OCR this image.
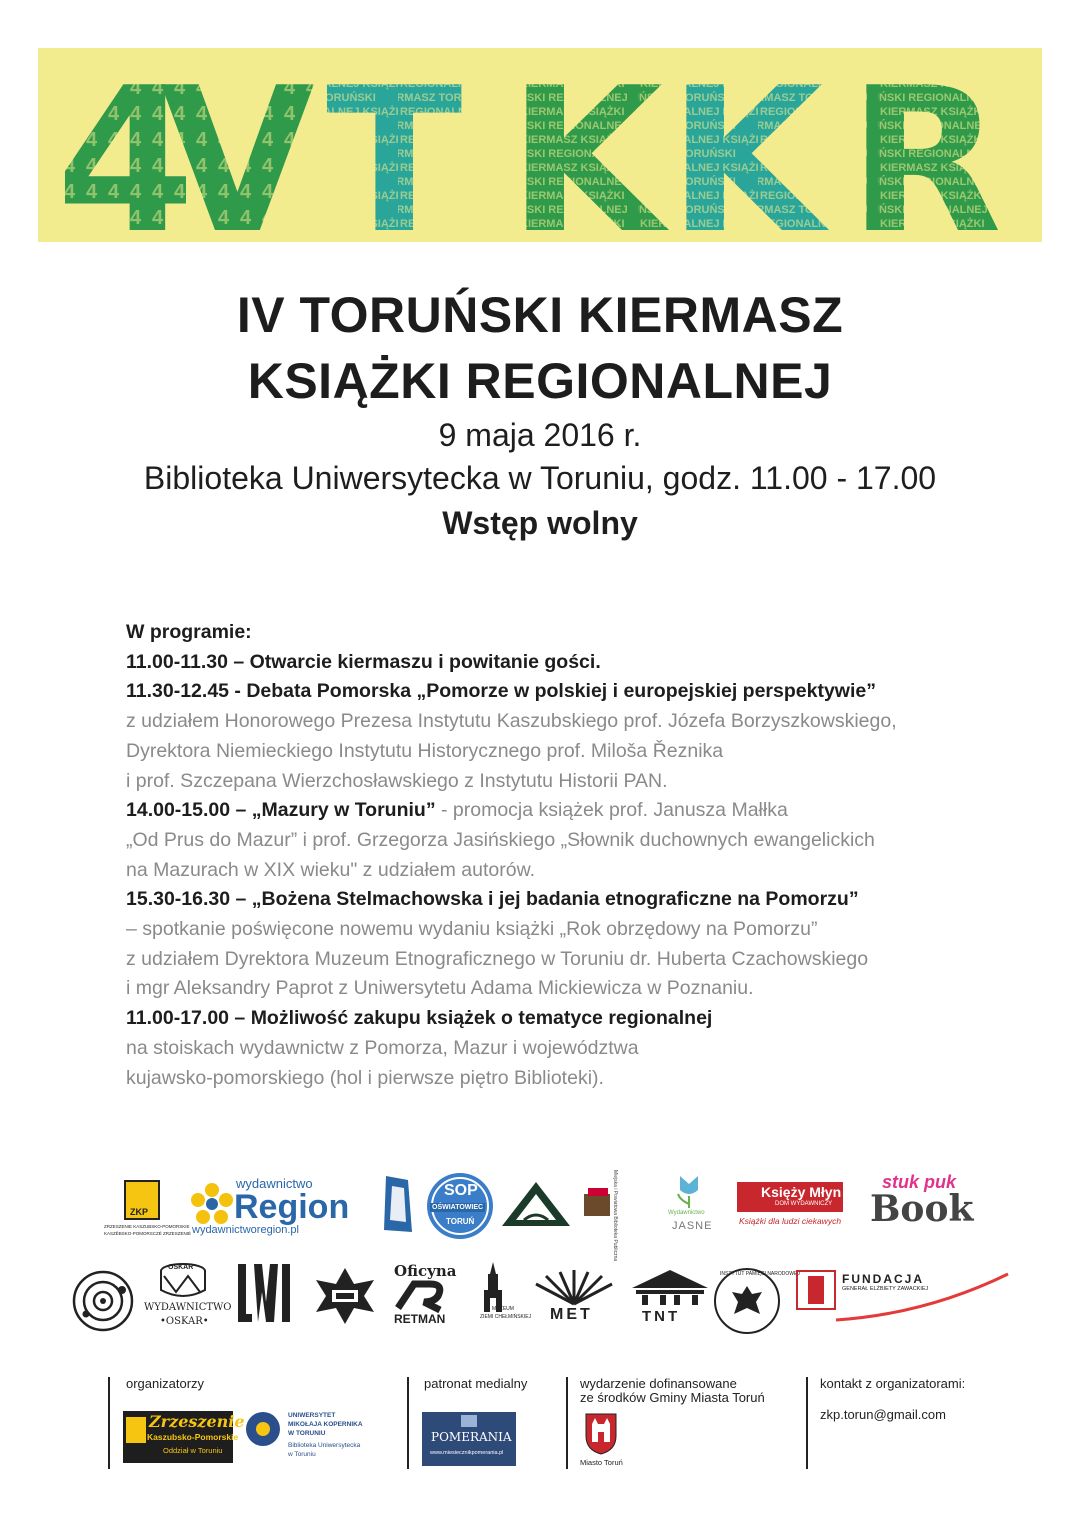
4
V T K K R
IV TORUŃSKI KIERMASZ
KSIĄŻKI REGIONALNEJ
9 maja 2016 r.
Biblioteka Uniwersytecka w Toruniu, godz. 11.00 - 17.00
Wstęp wolny

W programie:

11.00-11.30 – Otwarcie kiermaszu i powitanie gości.

11.30-12.45 - Debata Pomorska „Pomorze w polskiej i europejskiej perspektywie”

z udziałem Honorowego Prezesa Instytutu Kaszubskiego prof. Józefa Borzyszkowskiego,

Dyrektora Niemieckiego Instytutu Historycznego prof. Miloša Řeznika

i prof. Szczepana Wierzchosławskiego z Instytutu Historii PAN.

14.00-15.00 – „Mazury w Toruniu” - promocja książek prof. Janusza Małłka

„Od Prus do Mazur” i prof. Grzegorza Jasińskiego „Słownik duchownych ewangelickich

na Mazurach w XIX wieku" z udziałem autorów.

15.30-16.30 – „Bożena Stelmachowska i jej badania etnograficzne na Pomorzu”

– spotkanie poświęcone nowemu wydaniu książki „Rok obrzędowy na Pomorzu”

z udziałem Dyrektora Muzeum Etnograficznego w Toruniu dr. Huberta Czachowskiego

i mgr Aleksandry Paprot z Uniwersytetu Adama Mickiewicza w Poznaniu.

11.00-17.00 – Możliwość zakupu książek o tematyce regionalnej

na stoiskach wydawnictw z Pomorza, Mazur i województwa

kujawsko-pomorskiego (hol i pierwsze piętro Biblioteki).

ZKP
ZRZESZENIE KASZUBSKO-POMORSKIE
KASZËBSKO-POMORSCZÉ ZRZESZENIÉ
wydawnictwo
Region
wydawnictworegion.pl
SOP
OŚWIATOWIEC
TORUŃ	Miejska i Powiatowa Biblioteka Publiczna	Wydawnictwo
JASNE
Księży Młyn
DOM WYDAWNICZY
Książki dla ludzi ciekawych
stuk puk
Book
OSKAR
WYDAWNICTWO
•OSKAR•
Oficyna
RETMAN
MUZEUM
ZIEMI CHEŁMIŃSKIEJ MET	TNT
INSTYTUT PAMIĘCI NARODOWEJ	FUNDACJA
GENERAŁ ELŻBIETY ZAWACKIEJ
organizatorzy
Zrzeszenie
Kaszubsko-Pomorskie
Oddział w Toruniu
UNIWERSYTET
MIKOŁAJA KOPERNIKA
W TORUNIU
Biblioteka Uniwersytecka
w Toruniu
patronat medialny
POMERANIA
www.miesiecznikpomerania.pl
wydarzenie dofinansowane
ze środków Gminy Miasta Toruń
Miasto Toruń
kontakt z organizatorami:
zkp.torun@gmail.com
